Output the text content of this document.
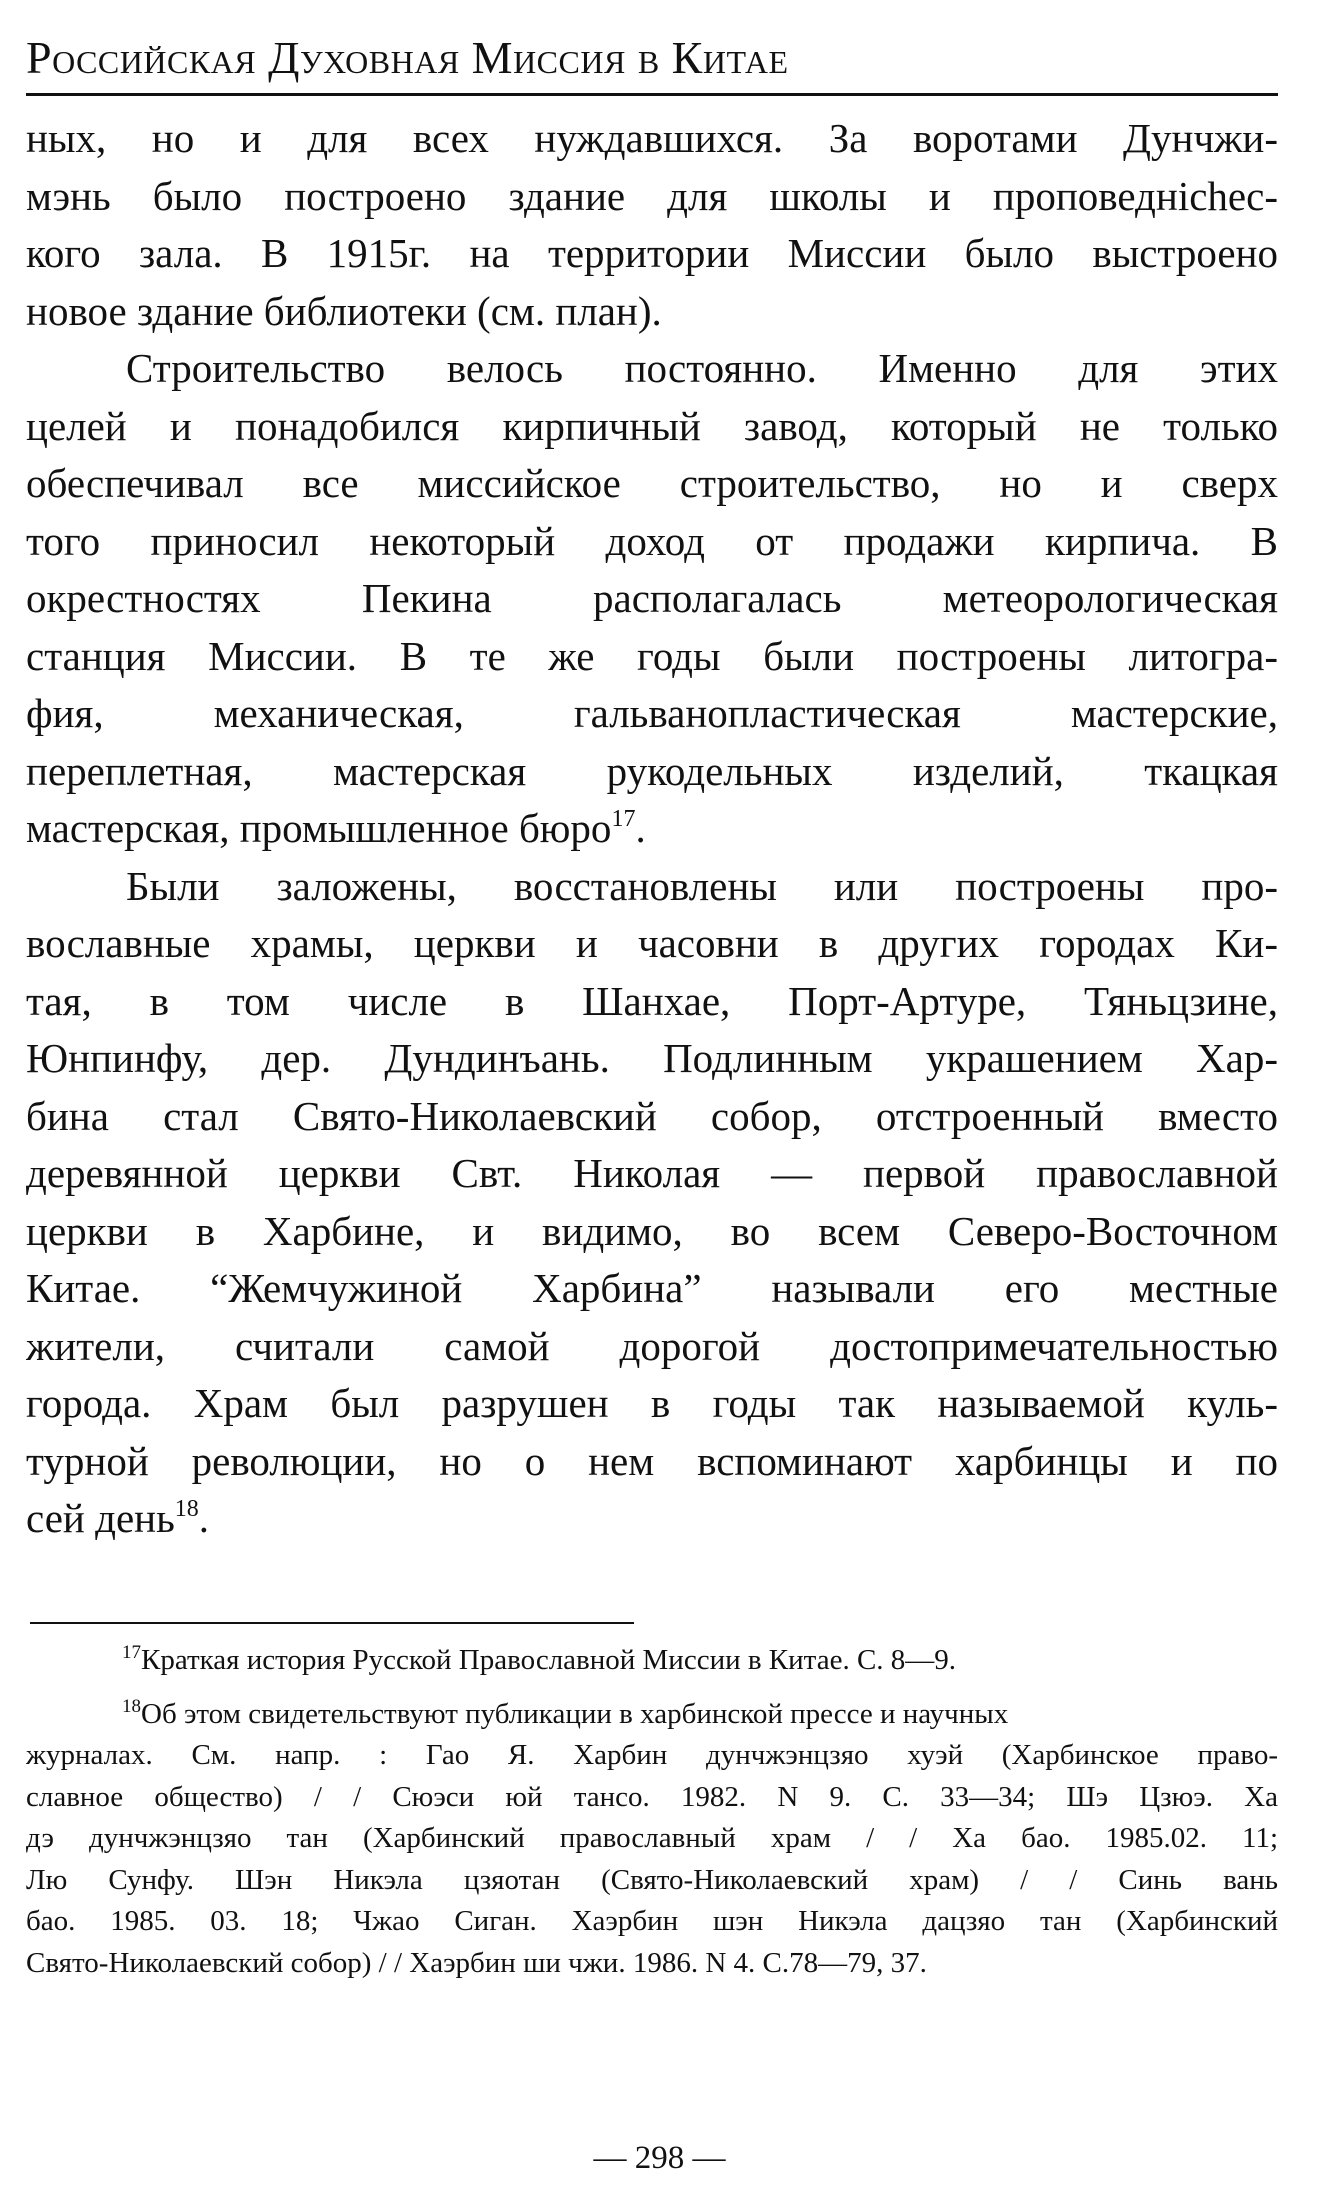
Российская Духовная Миссия в Китае
ных, но и для всех нуждавшихся. За воротами Дунчжи-
мэнь было построено здание для школы и проповеднichec-
кого зала. В 1915г. на территории Миссии было выстроено
новое здание библиотеки (см. план).
Строительство велось постоянно. Именно для этих
целей и понадобился кирпичный завод, который не только
обеспечивал все миссийское строительство, но и сверх
того приносил некоторый доход от продажи кирпича. В
окрестностях Пекина располагалась метеорологическая
станция Миссии. В те же годы были построены литогра-
фия, механическая, гальванопластическая мастерские,
переплетная, мастерская рукодельных изделий, ткацкая
мастерская, промышленное бюро$^{17}$.
Были заложены, восстановлены или построены про-
вославные храмы, церкви и часовни в других городах Ки-
тая, в том числе в Шанхае, Порт-Артуре, Тяньцзине,
Юнпинфу, дер. Дундинъань. Подлинным украшением Хар-
бина стал Свято-Николаевский собор, отстроенный вместо
деревянной церкви Свт. Николая — первой православной
церкви в Харбине, и видимо, во всем Северо-Восточном
Китае. “Жемчужиной Харбина” называли его местные
жители, считали самой дорогой достопримечательностью
города. Храм был разрушен в годы так называемой куль-
турной революции, но о нем вспоминают харбинцы и по
сей день$^{18}$.
$^{17}$Краткая история Русской Православной Миссии в Китае. С. 8—9.
$^{18}$Об этом свидетельствуют публикации в харбинской прессе и научных
журналах. См. напр. : Гао Я. Харбин дунчжэнцзяо хуэй (Харбинское право-
славное общество) / / Сюэси юй тансо. 1982. N 9. С. 33—34; Шэ Цзюэ. Ха
дэ дунчжэнцзяо тан (Харбинский православный храм / / Ха бао. 1985.02. 11;
Лю Сунфу. Шэн Никэла цзяотан (Свято-Николаевский храм) / / Синь вань
бао. 1985. 03. 18; Чжао Сиган. Хаэрбин шэн Никэла дацзяо тан (Харбинский
Свято-Николаевский собор) / / Хаэрбин ши чжи. 1986. N 4. С.78—79, 37.
— 298 —
